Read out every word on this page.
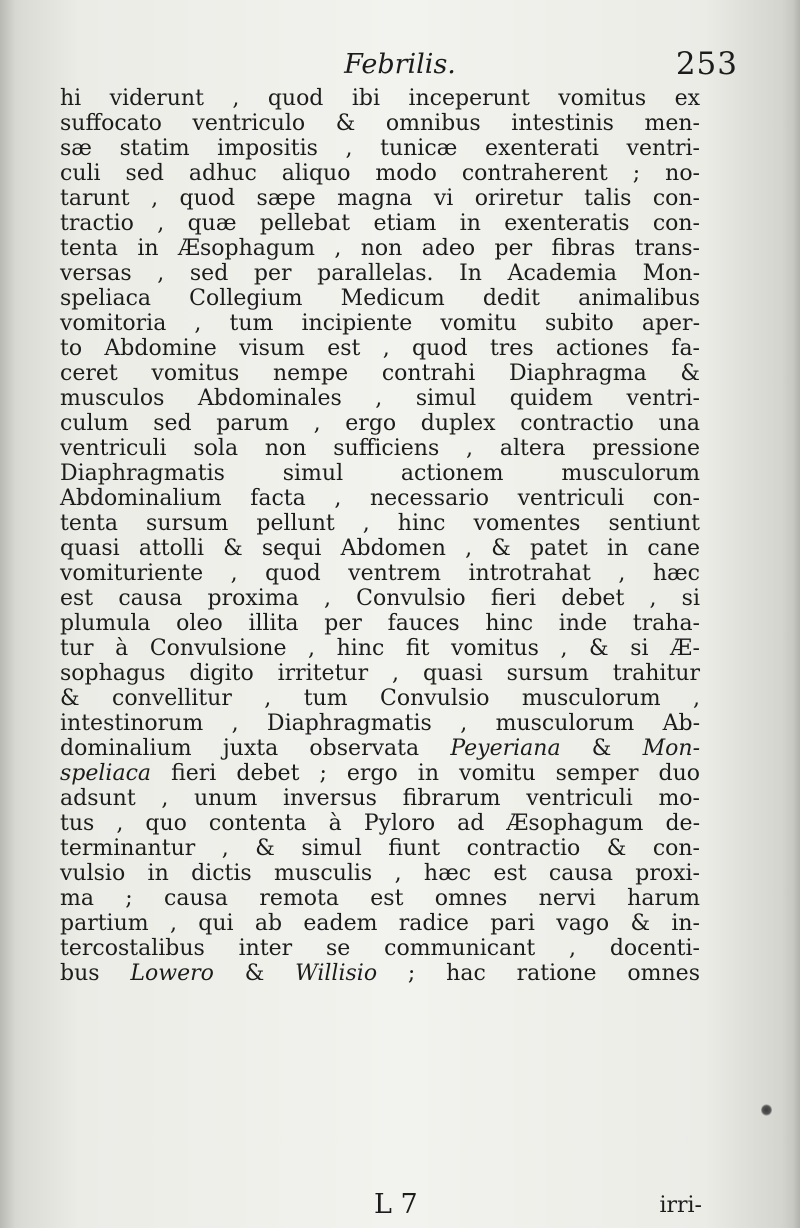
Febrilis.	253
hi viderunt , quod ibi inceperunt vomitus ex
suffocato ventriculo & omnibus intestinis men-
sæ statim impositis , tunicæ exenterati ventri-
culi sed adhuc aliquo modo contraherent ; no-
tarunt , quod sæpe magna vi oriretur talis con-
tractio , quæ pellebat etiam in exenteratis con-
tenta in Æsophagum , non adeo per fibras trans-
versas , sed per parallelas. In Academia Mon-
speliaca Collegium Medicum dedit animalibus
vomitoria , tum incipiente vomitu subito aper-
to Abdomine visum est , quod tres actiones fa-
ceret vomitus nempe contrahi Diaphragma &
musculos Abdominales , simul quidem ventri-
culum sed parum , ergo duplex contractio una
ventriculi sola non sufficiens , altera pressione
Diaphragmatis simul actionem musculorum
Abdominalium facta , necessario ventriculi con-
tenta sursum pellunt , hinc vomentes sentiunt
quasi attolli & sequi Abdomen , & patet in cane
vomituriente , quod ventrem introtrahat , hæc
est causa proxima , Convulsio fieri debet , si
plumula oleo illita per fauces hinc inde traha-
tur à Convulsione , hinc fit vomitus , & si Æ-
sophagus digito irritetur , quasi sursum trahitur
& convellitur , tum Convulsio musculorum ,
intestinorum , Diaphragmatis , musculorum Ab-
dominalium juxta observata Peyeriana & Mon-
speliaca fieri debet ; ergo in vomitu semper duo
adsunt , unum inversus fibrarum ventriculi mo-
tus , quo contenta à Pyloro ad Æsophagum de-
terminantur , & simul fiunt contractio & con-
vulsio in dictis musculis , hæc est causa proxi-
ma ; causa remota est omnes nervi harum
partium , qui ab eadem radice pari vago & in-
tercostalibus inter se communicant , docenti-
bus Lowero & Willisio ; hac ratione omnes
L 7	irri-
